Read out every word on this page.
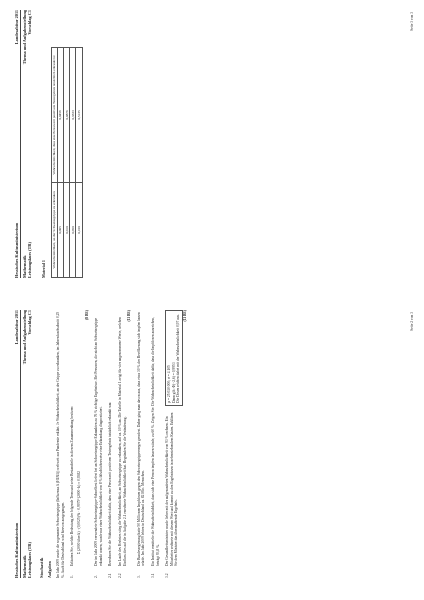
Hessisches Kultusministerium
Landesabitur 2011
Mathematik
Thema und Aufgabenstellung
Leistungskurs (TR)
Vorschlag C1
Stochastik Aufgaben Im Jahr 2009 wurde die sogenannte Schweinegrippe (Influenza A (H1N1)) weltweit zur Pandemie erklärt. Je Wahrscheinlichkeit, an der Grippe zu erkranken, im Jahresdurchschnitt 0,25 %. Auch für Deutschland wird hiervon ausgegangen. 1.
Erläutern Sie, welche Bedeutung der folgende Term und seine Bestandteile in diesem Zusammenhang besitzen: Σ (2000 über k) · (0,0025)^k · 0,9975^(2000−k) ≈ 0,9382
(8 BE)
2.
Der im Jahr 2009 verwendete Schweinegrippe-Schnelltest liefert bei an Schweinegrippe Erkrankten zu 76 % richtige Ergebnisse. Bei Personen, die nicht an Schweinegrippe erkrankt waren, wurde nur einer Wahrscheinlichkeit von 8 % fälschlicherweise eine Erkrankung diagnostiziert.
2.1
Berechnen Sie die Wahrscheinlichkeit dafür, dass eine Person mit positivem Testergebnis tatsächlich erkrankt war.
2.2
Im Laufe des Herbstes stieg die Wahrscheinlichkeit, an Schweinegrippe zu erkranken, auf ca. 10 % an. Die Tabelle in Material 1 zeigt für vier angenommene Werte, welchen Einfluss dies auf die in Aufgabe 2.1 errechnete Wahrscheinlichkeit hat. Begründen Sie die Veränderung.
(11 BE)
3.
Die Bundesregierung hatte 50 Millionen Impfdosen gegen den Schweinegrippeerreger geordert. Daher ging man davon aus, dass etwa 30 % der Bevölkerung sich impfen lassen würde. Im Jahr 2009 lebten in Deutschland ca. 82 Mio. Menschen.
3.1
Ein Institut ermittelte die Wahrscheinlichkeit, dass sich eine Person impfen lassen würde, zu 60 %. Zeigen Sie: Die Wahrscheinlichkeit dafür, dass die Impfdosen ausreichen, beträgt 93,8 %.
3.2
Der Gesundheitsminister wurde lieber mit der aufgerundeten Wahrscheinlichkeit von 93 % rechnen. Ein Mitarbeiter rechnete mit diesem Wert und kommt zu den Ergebnissen in nebenstehendem Kasten. Erklären Sie dem Minister das überraschende Ergebnis.
µ = 25 010 000; σ = 4 105 Dann gilt: Φ(−2,6) = 0,9953 Die Dosen reichen dabei mit der Wahrscheinlichkeit 0,97 aus. (11 BE)	Seite 2 von 3
Hessisches Kultusministerium
Landesabitur 2011
Mathematik
Thema und Aufgabenstellung
Leistungskurs (TR)
Vorschlag C1
Material 1
Wahrscheinlichkeit, an der Schweinegrippe zu erkranken	Wahrscheinlichkeit, dass eine Person mit positivem Testergebnis tatsächlich erkrankt ist
0,005	0,0456
0,010	0,0876
0,050	0,3333
0,100	0,5135
Seite 3 von 3
